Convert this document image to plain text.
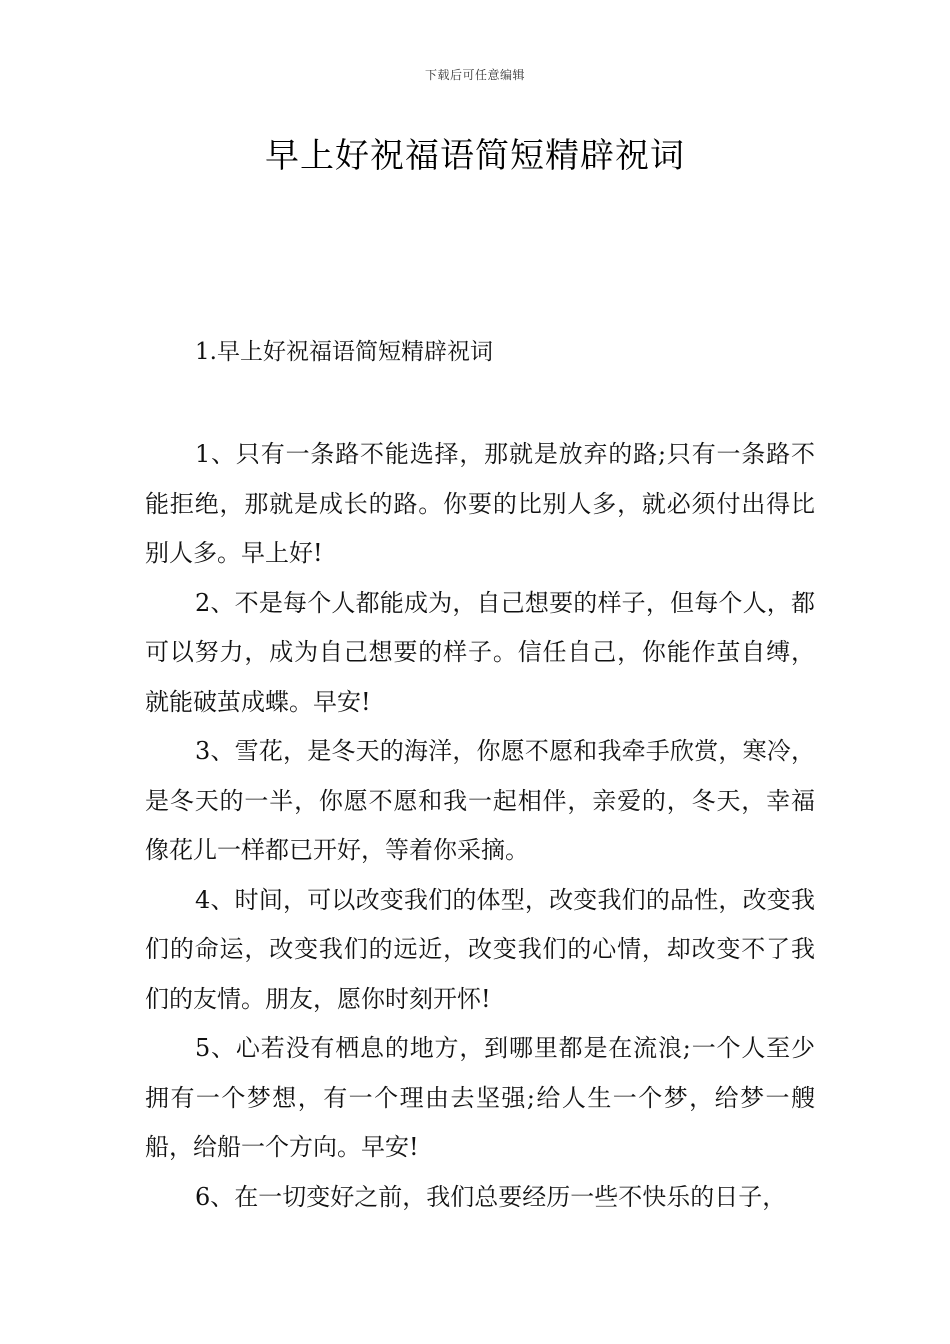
下载后可任意编辑
早上好祝福语简短精辟祝词
1.早上好祝福语简短精辟祝词

1、只有一条路不能选择，那就是放弃的路;只有一条路不能拒绝，那就是成长的路。你要的比别人多，就必须付出得比别人多。早上好!

2、不是每个人都能成为，自己想要的样子，但每个人，都可以努力，成为自己想要的样子。信任自己，你能作茧自缚，就能破茧成蝶。早安!

3、雪花，是冬天的海洋，你愿不愿和我牵手欣赏，寒冷，是冬天的一半，你愿不愿和我一起相伴，亲爱的，冬天，幸福像花儿一样都已开好，等着你采摘。

4、时间，可以改变我们的体型，改变我们的品性，改变我们的命运，改变我们的远近，改变我们的心情，却改变不了我们的友情。朋友，愿你时刻开怀!

5、心若没有栖息的地方，到哪里都是在流浪;一个人至少拥有一个梦想，有一个理由去坚强;给人生一个梦，给梦一艘船，给船一个方向。早安!

6、在一切变好之前，我们总要经历一些不快乐的日子，
